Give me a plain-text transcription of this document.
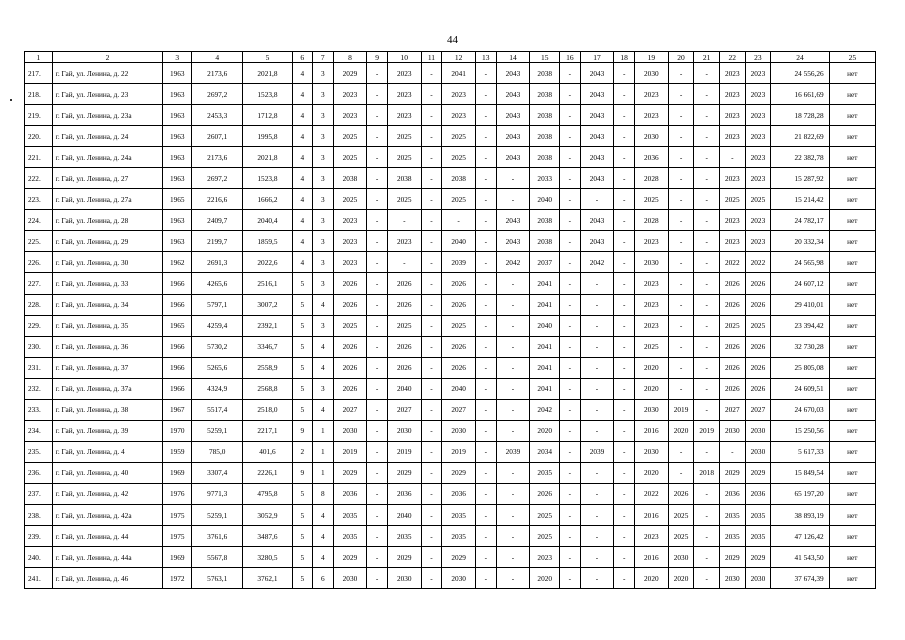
44
1	2	3	4	5	6	7	8	9	10	11	12	13	14	15	16	17	18	19	20	21	22	23	24	25
217.	г. Гай, ул. Ленина, д. 22	1963	2173,6	2021,8	4	3	2029	-	2023	-	2041	-	2043	2038	-	2043	-	2030	-	-	2023	2023	24 556,26	нет
218.	г. Гай, ул. Ленина, д. 23	1963	2697,2	1523,8	4	3	2023	-	2023	-	2023	-	2043	2038	-	2043	-	2023	-	-	2023	2023	16 661,69	нет
219.	г. Гай, ул. Ленина, д. 23а	1963	2453,3	1712,8	4	3	2023	-	2023	-	2023	-	2043	2038	-	2043	-	2023	-	-	2023	2023	18 728,28	нет
220.	г. Гай, ул. Ленина, д. 24	1963	2607,1	1995,8	4	3	2025	-	2025	-	2025	-	2043	2038	-	2043	-	2030	-	-	2023	2023	21 822,69	нет
221.	г. Гай, ул. Ленина, д. 24а	1963	2173,6	2021,8	4	3	2025	-	2025	-	2025	-	2043	2038	-	2043	-	2036	-	-	-	2023	22 382,78	нет
222.	г. Гай, ул. Ленина, д. 27	1963	2697,2	1523,8	4	3	2038	-	2038	-	2038	-	-	2033	-	2043	-	2028	-	-	2023	2023	15 287,92	нет
223.	г. Гай, ул. Ленина, д. 27а	1965	2216,6	1666,2	4	3	2025	-	2025	-	2025	-	-	2040	-	-	-	2025	-	-	2025	2025	15 214,42	нет
224.	г. Гай, ул. Ленина, д. 28	1963	2409,7	2040,4	4	3	2023	-	-	-	-	-	2043	2038	-	2043	-	2028	-	-	2023	2023	24 782,17	нет
225.	г. Гай, ул. Ленина, д. 29	1963	2199,7	1859,5	4	3	2023	-	2023	-	2040	-	2043	2038	-	2043	-	2023	-	-	2023	2023	20 332,34	нет
226.	г. Гай, ул. Ленина, д. 30	1962	2691,3	2022,6	4	3	2023	-	-	-	2039	-	2042	2037	-	2042	-	2030	-	-	2022	2022	24 565,98	нет
227.	г. Гай, ул. Ленина, д. 33	1966	4265,6	2516,1	5	3	2026	-	2026	-	2026	-	-	2041	-	-	-	2023	-	-	2026	2026	24 607,12	нет
228.	г. Гай, ул. Ленина, д. 34	1966	5797,1	3007,2	5	4	2026	-	2026	-	2026	-	-	2041	-	-	-	2023	-	-	2026	2026	29 410,01	нет
229.	г. Гай, ул. Ленина, д. 35	1965	4259,4	2392,1	5	3	2025	-	2025	-	2025	-	-	2040	-	-	-	2023	-	-	2025	2025	23 394,42	нет
230.	г. Гай, ул. Ленина, д. 36	1966	5730,2	3346,7	5	4	2026	-	2026	-	2026	-	-	2041	-	-	-	2025	-	-	2026	2026	32 730,28	нет
231.	г. Гай, ул. Ленина, д. 37	1966	5265,6	2558,9	5	4	2026	-	2026	-	2026	-	-	2041	-	-	-	2020	-	-	2026	2026	25 805,08	нет
232.	г. Гай, ул. Ленина, д. 37а	1966	4324,9	2568,8	5	3	2026	-	2040	-	2040	-	-	2041	-	-	-	2020	-	-	2026	2026	24 609,51	нет
233.	г. Гай, ул. Ленина, д. 38	1967	5517,4	2518,0	5	4	2027	-	2027	-	2027	-	-	2042	-	-	-	2030	2019	-	2027	2027	24 670,03	нет
234.	г. Гай, ул. Ленина, д. 39	1970	5259,1	2217,1	9	1	2030	-	2030	-	2030	-	-	2020	-	-	-	2016	2020	2019	2030	2030	15 250,56	нет
235.	г. Гай, ул. Ленина, д. 4	1959	785,0	401,6	2	1	2019	-	2019	-	2019	-	2039	2034	-	2039	-	2030	-	-	-	2030	5 617,33	нет
236.	г. Гай, ул. Ленина, д. 40	1969	3307,4	2226,1	9	1	2029	-	2029	-	2029	-	-	2035	-	-	-	2020	-	2018	2029	2029	15 849,54	нет
237.	г. Гай, ул. Ленина, д. 42	1976	9771,3	4795,8	5	8	2036	-	2036	-	2036	-	-	2026	-	-	-	2022	2026	-	2036	2036	65 197,20	нет
238.	г. Гай, ул. Ленина, д. 42а	1975	5259,1	3052,9	5	4	2035	-	2040	-	2035	-	-	2025	-	-	-	2016	2025	-	2035	2035	38 893,19	нет
239.	г. Гай, ул. Ленина, д. 44	1975	3761,6	3487,6	5	4	2035	-	2035	-	2035	-	-	2025	-	-	-	2023	2025	-	2035	2035	47 126,42	нет
240.	г. Гай, ул. Ленина, д. 44а	1969	5567,8	3280,5	5	4	2029	-	2029	-	2029	-	-	2023	-	-	-	2016	2030	-	2029	2029	41 543,50	нет
241.	г. Гай, ул. Ленина, д. 46	1972	5763,1	3762,1	5	6	2030	-	2030	-	2030	-	-	2020	-	-	-	2020	2020	-	2030	2030	37 674,39	нет
